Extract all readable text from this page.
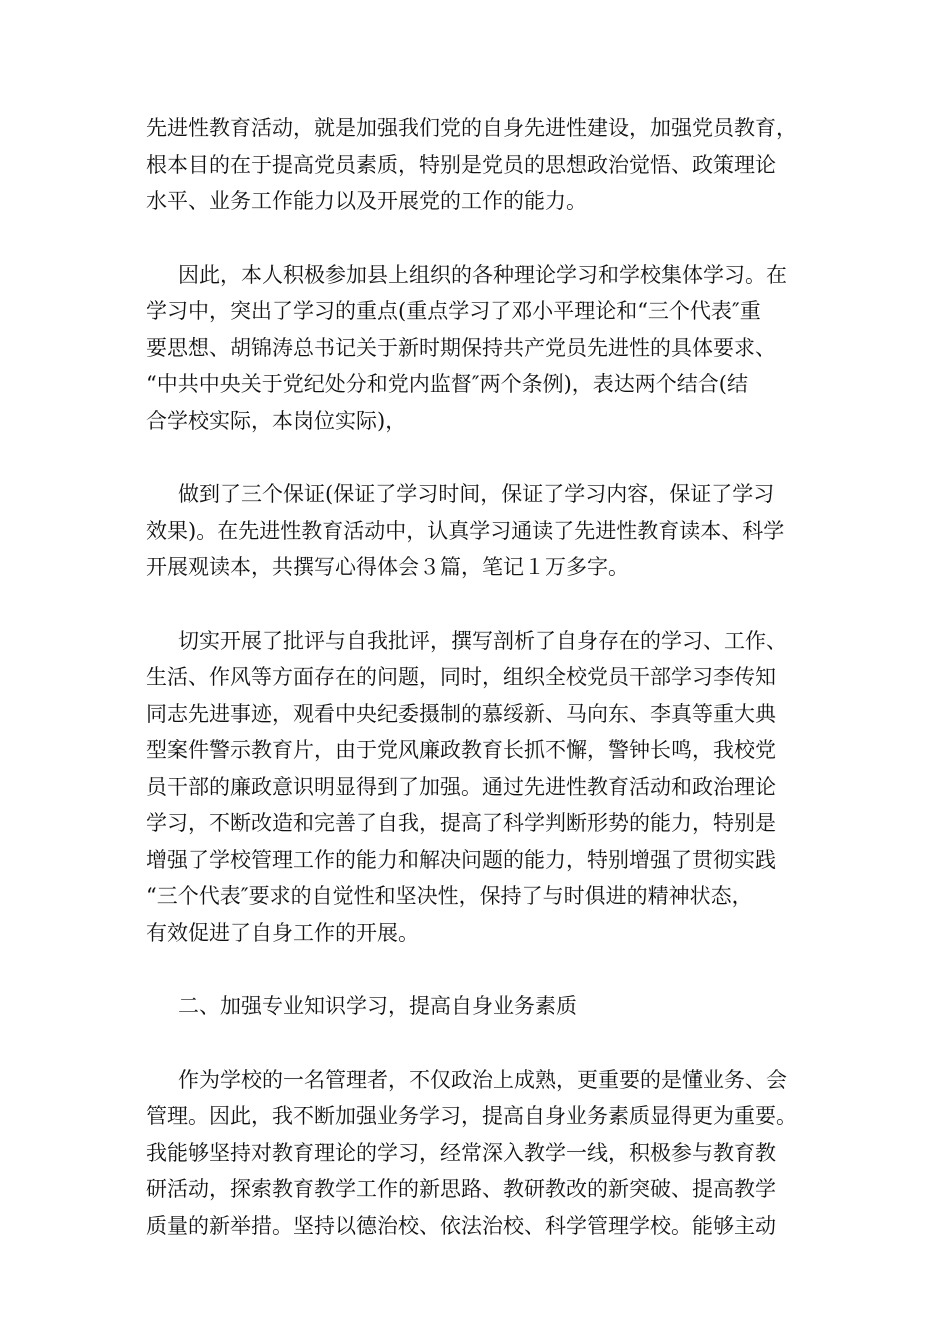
先进性教育活动，就是加强我们党的自身先进性建设，加强党员教育，
根本目的在于提高党员素质，特别是党员的思想政治觉悟、政策理论
水平、业务工作能力以及开展党的工作的能力。
因此，本人积极参加县上组织的各种理论学习和学校集体学习。在
学习中，突出了学习的重点(重点学习了邓小平理论和“三个代表″重
要思想、胡锦涛总书记关于新时期保持共产党员先进性的具体要求、
“中共中央关于党纪处分和党内监督″两个条例)，表达两个结合(结
合学校实际，本岗位实际)，
做到了三个保证(保证了学习时间，保证了学习内容，保证了学习
效果)。在先进性教育活动中，认真学习通读了先进性教育读本、科学
开展观读本，共撰写心得体会３篇，笔记１万多字。
切实开展了批评与自我批评，撰写剖析了自身存在的学习、工作、
生活、作风等方面存在的问题，同时，组织全校党员干部学习李传知
同志先进事迹，观看中央纪委摄制的慕绥新、马向东、李真等重大典
型案件警示教育片，由于党风廉政教育长抓不懈，警钟长鸣，我校党
员干部的廉政意识明显得到了加强。通过先进性教育活动和政治理论
学习，不断改造和完善了自我，提高了科学判断形势的能力，特别是
增强了学校管理工作的能力和解决问题的能力，特别增强了贯彻实践
“三个代表″要求的自觉性和坚决性，保持了与时俱进的精神状态，
有效促进了自身工作的开展。
二、加强专业知识学习，提高自身业务素质
作为学校的一名管理者，不仅政治上成熟，更重要的是懂业务、会
管理。因此，我不断加强业务学习，提高自身业务素质显得更为重要。
我能够坚持对教育理论的学习，经常深入教学一线，积极参与教育教
研活动，探索教育教学工作的新思路、教研教改的新突破、提高教学
质量的新举措。坚持以德治校、依法治校、科学管理学校。能够主动
